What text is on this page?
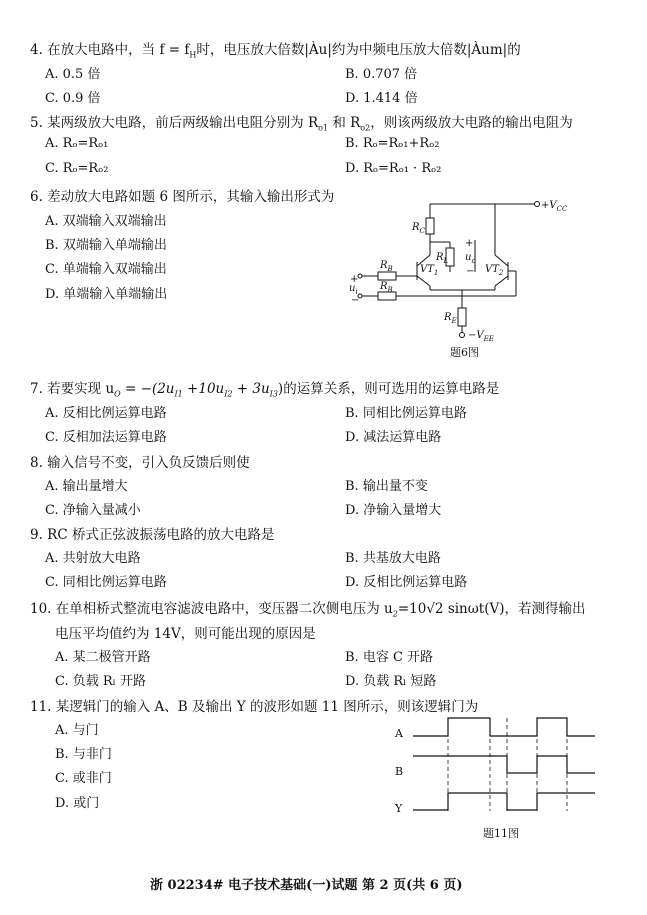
4. 在放大电路中，当 $f = f_H$时，电压放大倍数|Àu|约为中频电压放大倍数|Àum|的
A. 0.5 倍	B. 0.707 倍
C. 0.9 倍	D. 1.414 倍
5. 某两级放大电路，前后两级输出电阻分别为 $R_{o1}$ 和 $R_{o2}$，则该两级放大电路的输出电阻为
A. Rₒ=Rₒ₁	B. Rₒ=Rₒ₁+Rₒ₂
C. Rₒ=Rₒ₂	D. Rₒ=Rₒ₁ · Rₒ₂
6. 差动放大电路如题 6 图所示，其输入输出形式为
A. 双端输入双端输出
B. 双端输入单端输出
C. 单端输入双端输出
D. 单端输入单端输出
$+V_{CC}$
$R_C$
$R_L$ $u_o$
+
−
$VT_1$	$VT_2$
$R_B$
$R_B$
$R_E$
$-V_{EE}$
+
$u_i$
−
题6图
7. 若要实现 $u_O = -(2u_{I1} +10u_{I2} + 3u_{I3})$的运算关系，则可选用的运算电路是
A. 反相比例运算电路	B. 同相比例运算电路
C. 反相加法运算电路	D. 减法运算电路
8. 输入信号不变，引入负反馈后则使
A. 输出量增大	B. 输出量不变
C. 净输入量减小	D. 净输入量增大
9. RC 桥式正弦波振荡电路的放大电路是
A. 共射放大电路	B. 共基放大电路
C. 同相比例运算电路	D. 反相比例运算电路
10. 在单相桥式整流电容滤波电路中，变压器二次侧电压为 $u_2=10√2$ sinωt(V)，若测得输出
电压平均值约为 14V，则可能出现的原因是
A. 某二极管开路	B. 电容 C 开路
C. 负载 Rₗ 开路	D. 负载 Rₗ 短路
11. 某逻辑门的输入 A、B 及输出 Y 的波形如题 11 图所示，则该逻辑门为
A. 与门
B. 与非门
C. 或非门
D. 或门
A
B
Y
题11图
浙 02234# 电子技术基础(一)试题 第 2 页(共 6 页)
